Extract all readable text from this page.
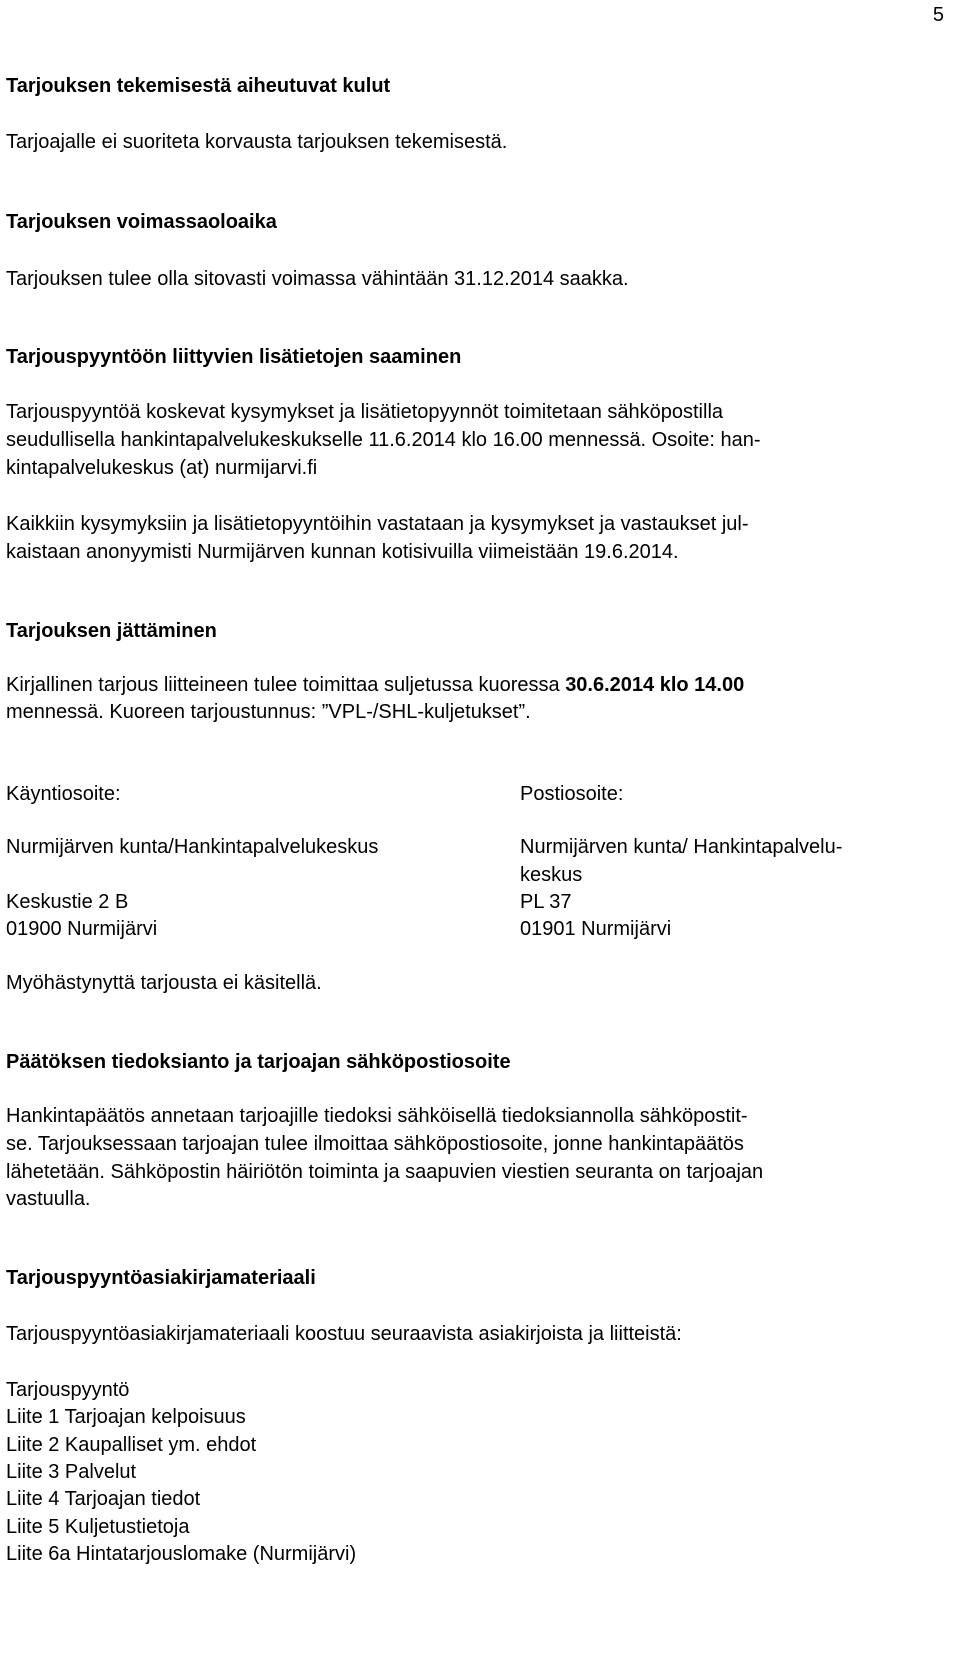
5
Tarjouksen tekemisestä aiheutuvat kulut
Tarjoajalle ei suoriteta korvausta tarjouksen tekemisestä.
Tarjouksen voimassaoloaika
Tarjouksen tulee olla sitovasti voimassa vähintään 31.12.2014 saakka.
Tarjouspyyntöön liittyvien lisätietojen saaminen
Tarjouspyyntöä koskevat kysymykset ja lisätietopyynnöt toimitetaan sähköpostilla
seudullisella hankintapalvelukeskukselle 11.6.2014 klo 16.00 mennessä. Osoite: han-
kintapalvelukeskus (at) nurmijarvi.fi
Kaikkiin kysymyksiin ja lisätietopyyntöihin vastataan ja kysymykset ja vastaukset jul-
kaistaan anonyymisti Nurmijärven kunnan kotisivuilla viimeistään 19.6.2014.
Tarjouksen jättäminen
Kirjallinen tarjous liitteineen tulee toimittaa suljetussa kuoressa 30.6.2014 klo 14.00
mennessä. Kuoreen tarjoustunnus: ”VPL-/SHL-kuljetukset”.
Käyntiosoite:	Postiosoite:
Nurmijärven kunta/Hankintapalvelukeskus	Nurmijärven kunta/ Hankintapalvelu-
keskus
Keskustie 2 B	PL 37
01900 Nurmijärvi	01901 Nurmijärvi
Myöhästynyttä tarjousta ei käsitellä.
Päätöksen tiedoksianto ja tarjoajan sähköpostiosoite
Hankintapäätös annetaan tarjoajille tiedoksi sähköisellä tiedoksiannolla sähköpostit-
se. Tarjouksessaan tarjoajan tulee ilmoittaa sähköpostiosoite, jonne hankintapäätös
lähetetään. Sähköpostin häiriötön toiminta ja saapuvien viestien seuranta on tarjoajan
vastuulla.
Tarjouspyyntöasiakirjamateriaali
Tarjouspyyntöasiakirjamateriaali koostuu seuraavista asiakirjoista ja liitteistä:
Tarjouspyyntö
Liite 1 Tarjoajan kelpoisuus
Liite 2 Kaupalliset ym. ehdot
Liite 3 Palvelut
Liite 4 Tarjoajan tiedot
Liite 5 Kuljetustietoja
Liite 6a Hintatarjouslomake (Nurmijärvi)
